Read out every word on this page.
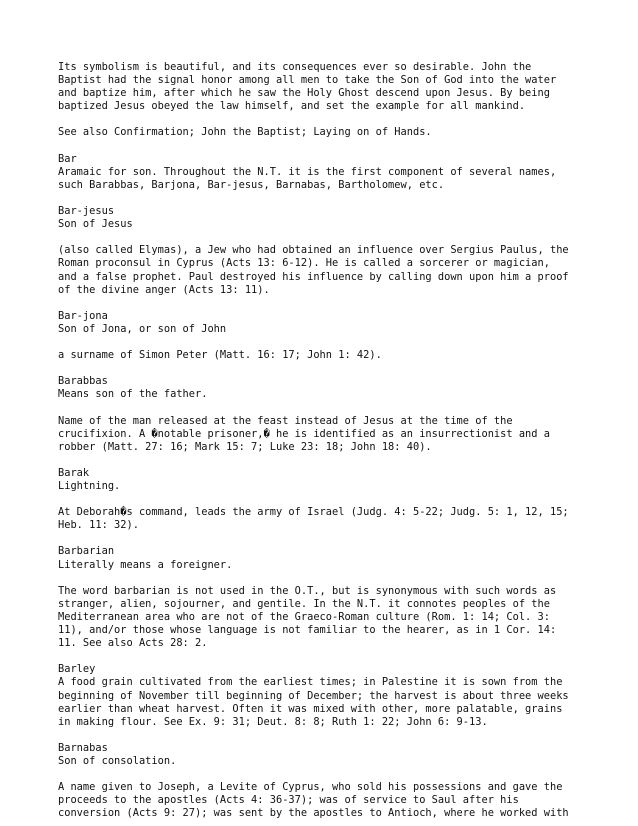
Its symbolism is beautiful, and its consequences ever so desirable. John the
Baptist had the signal honor among all men to take the Son of God into the water
and baptize him, after which he saw the Holy Ghost descend upon Jesus. By being
baptized Jesus obeyed the law himself, and set the example for all mankind.
See also Confirmation; John the Baptist; Laying on of Hands.
Bar
Aramaic for son. Throughout the N.T. it is the first component of several names,
such Barabbas, Barjona, Bar-jesus, Barnabas, Bartholomew, etc.
Bar-jesus
Son of Jesus
(also called Elymas), a Jew who had obtained an influence over Sergius Paulus, the
Roman proconsul in Cyprus (Acts 13: 6-12). He is called a sorcerer or magician,
and a false prophet. Paul destroyed his influence by calling down upon him a proof
of the divine anger (Acts 13: 11).
Bar-jona
Son of Jona, or son of John
a surname of Simon Peter (Matt. 16: 17; John 1: 42).
Barabbas
Means son of the father.
Name of the man released at the feast instead of Jesus at the time of the
crucifixion. A �notable prisoner,� he is identified as an insurrectionist and a
robber (Matt. 27: 16; Mark 15: 7; Luke 23: 18; John 18: 40).
Barak
Lightning.
At Deborah�s command, leads the army of Israel (Judg. 4: 5-22; Judg. 5: 1, 12, 15;
Heb. 11: 32).
Barbarian
Literally means a foreigner.
The word barbarian is not used in the O.T., but is synonymous with such words as
stranger, alien, sojourner, and gentile. In the N.T. it connotes peoples of the
Mediterranean area who are not of the Graeco-Roman culture (Rom. 1: 14; Col. 3:
11), and/or those whose language is not familiar to the hearer, as in 1 Cor. 14:
11. See also Acts 28: 2.
Barley
A food grain cultivated from the earliest times; in Palestine it is sown from the
beginning of November till beginning of December; the harvest is about three weeks
earlier than wheat harvest. Often it was mixed with other, more palatable, grains
in making flour. See Ex. 9: 31; Deut. 8: 8; Ruth 1: 22; John 6: 9-13.
Barnabas
Son of consolation.
A name given to Joseph, a Levite of Cyprus, who sold his possessions and gave the
proceeds to the apostles (Acts 4: 36-37); was of service to Saul after his
conversion (Acts 9: 27); was sent by the apostles to Antioch, where he worked with
